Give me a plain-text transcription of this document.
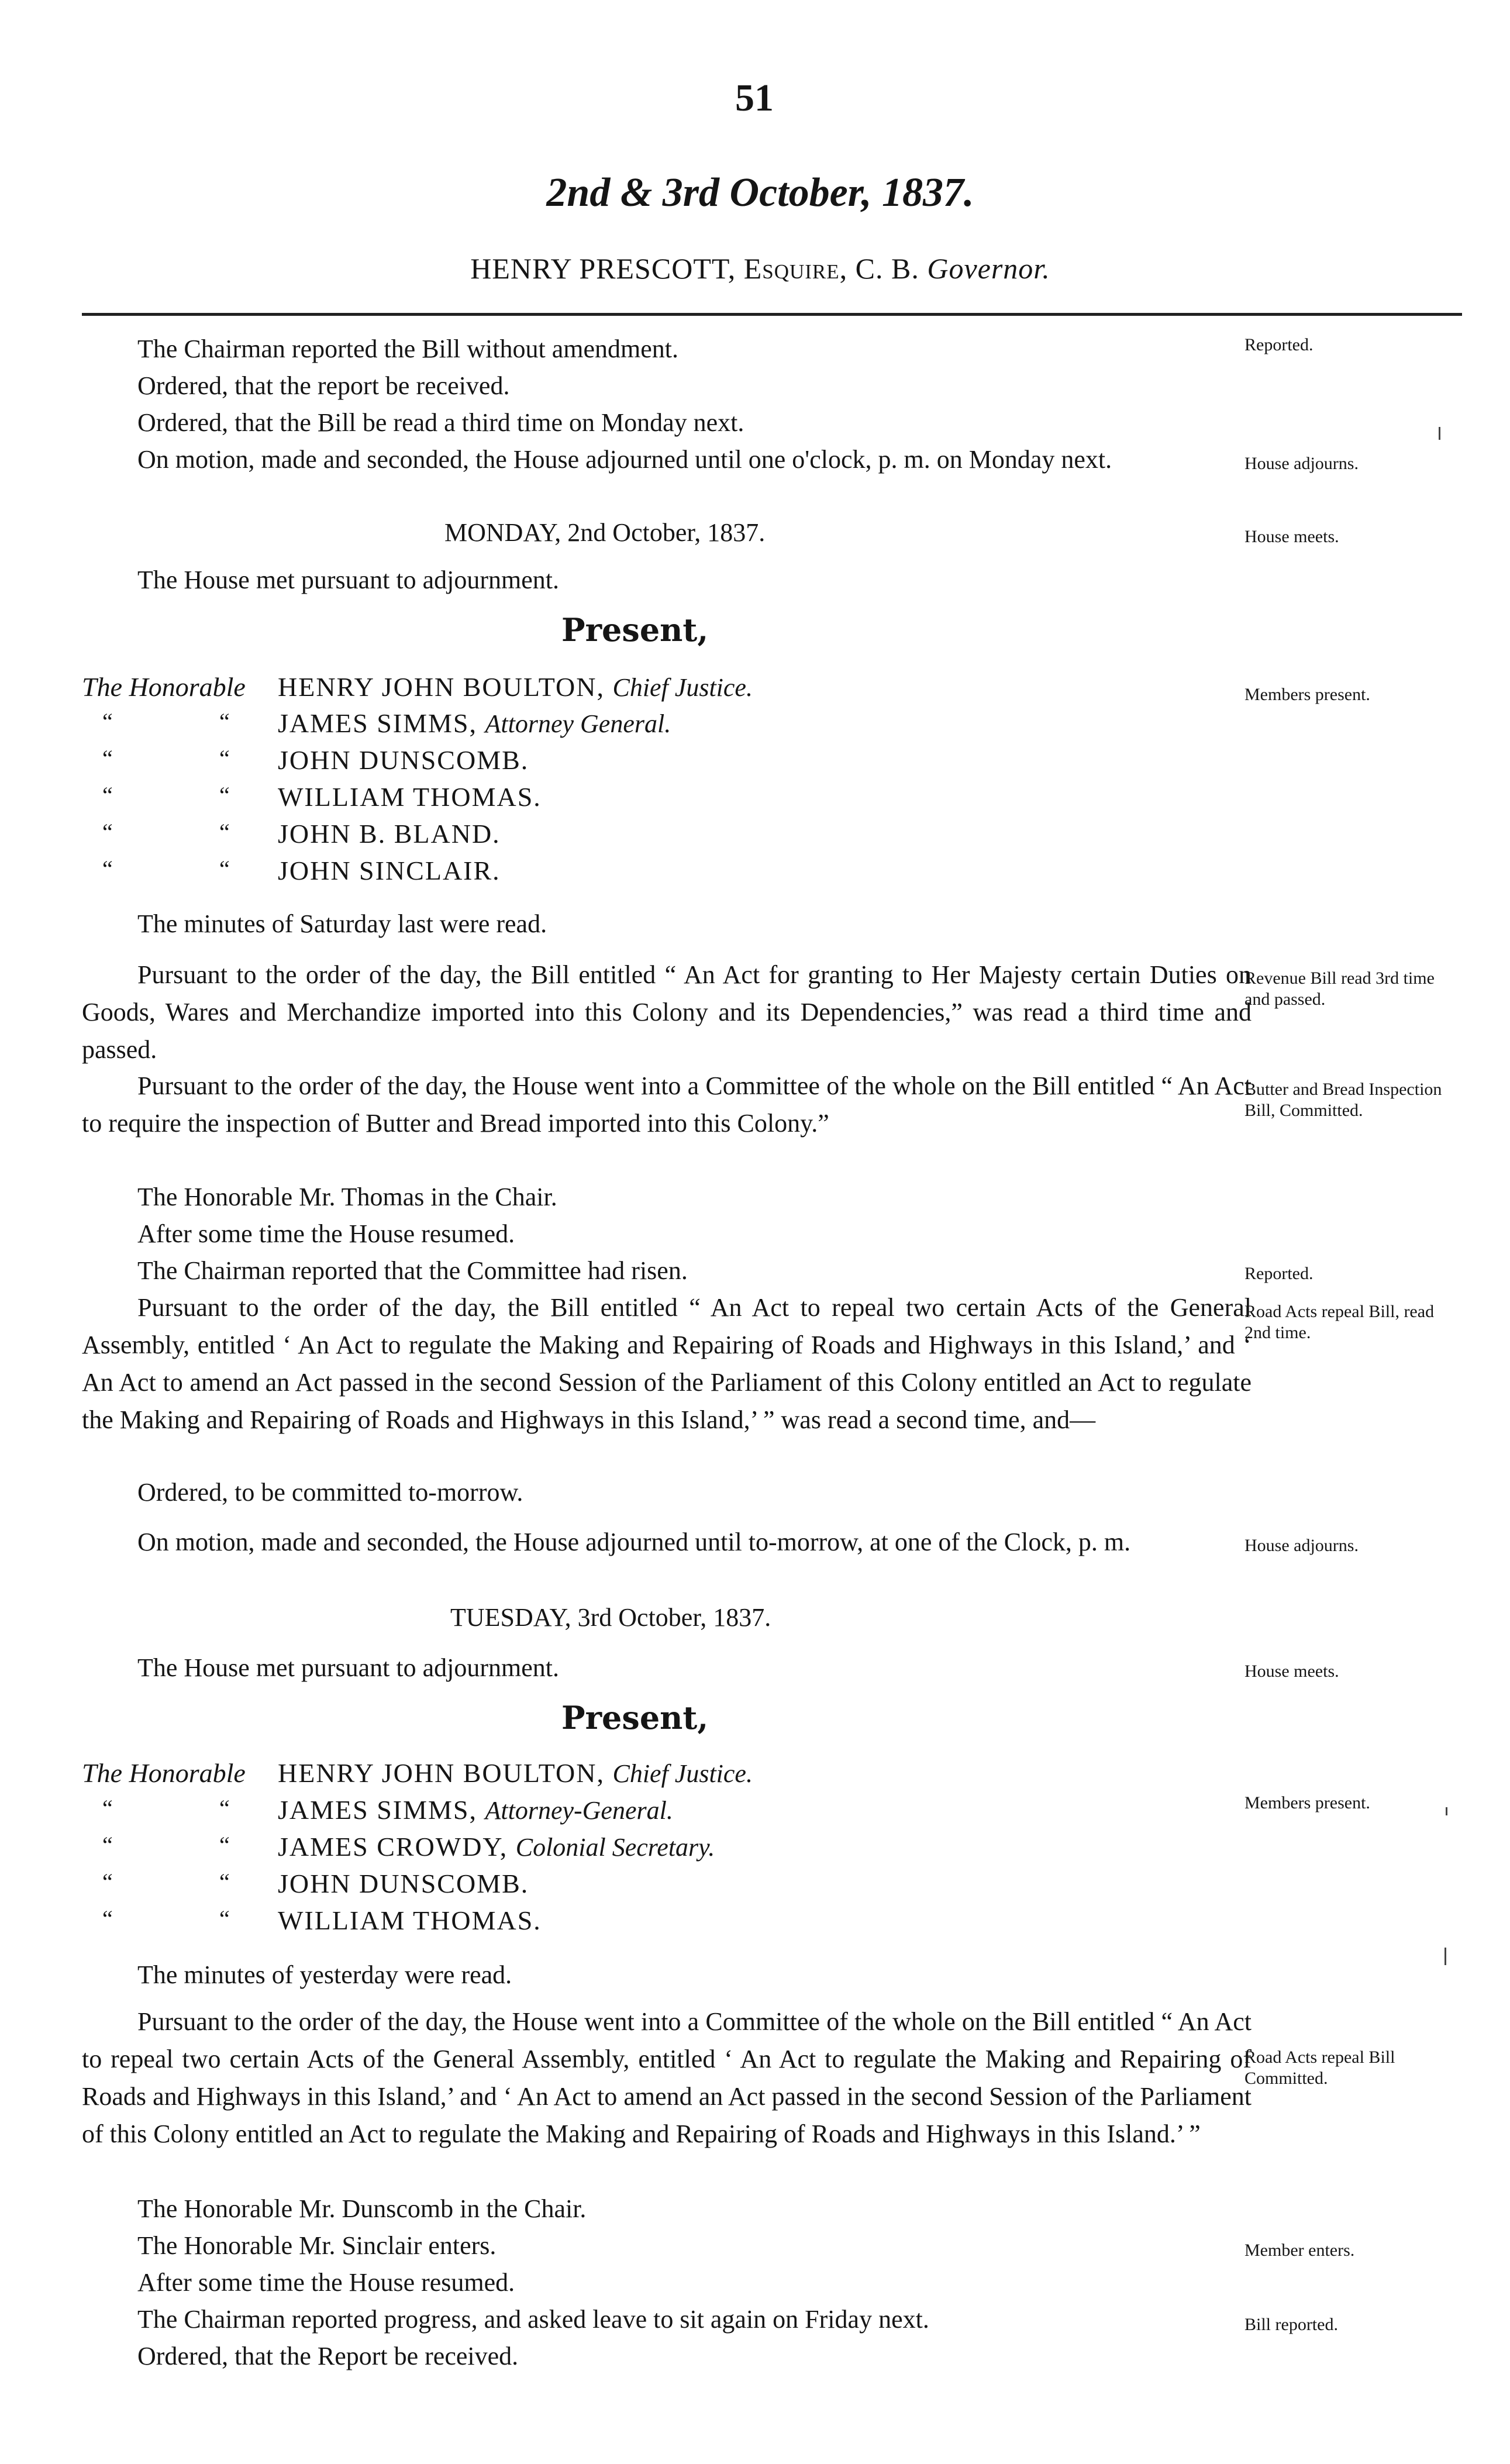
51
2nd & 3rd October, 1837.
HENRY PRESCOTT, Esquire, C. B. Governor.
The Chairman reported the Bill without amendment.
Ordered, that the report be received.
Ordered, that the Bill be read a third time on Monday next.
On motion, made and seconded, the House adjourned until one o'clock, p. m. on Monday next.
MONDAY, 2nd October, 1837.
The House met pursuant to adjournment.
Present,
The Honorable HENRY JOHN BOULTON, Chief Justice.
“	“ JAMES SIMMS, Attorney General.
“	“ JOHN DUNSCOMB.
“	“ WILLIAM THOMAS.
“	“ JOHN B. BLAND.
“	“ JOHN SINCLAIR.
The minutes of Saturday last were read.
Pursuant to the order of the day, the Bill entitled “ An Act for granting to Her Majesty certain Duties on Goods, Wares and Merchandize imported into this Colony and its Dependencies,” was read a third time and passed.
Pursuant to the order of the day, the House went into a Committee of the whole on the Bill entitled “ An Act to require the inspection of Butter and Bread imported into this Colony.”
The Honorable Mr. Thomas in the Chair.
After some time the House resumed.
The Chairman reported that the Committee had risen.
Pursuant to the order of the day, the Bill entitled “ An Act to repeal two certain Acts of the General Assembly, entitled ‘ An Act to regulate the Making and Repairing of Roads and Highways in this Island,’ and ‘ An Act to amend an Act passed in the second Session of the Parliament of this Colony entitled an Act to regulate the Making and Repairing of Roads and Highways in this Island,’ ” was read a second time, and—
Ordered, to be committed to-morrow.
On motion, made and seconded, the House adjourned until to-morrow, at one of the Clock, p. m.
TUESDAY, 3rd October, 1837.
The House met pursuant to adjournment.
Present,
The Honorable HENRY JOHN BOULTON, Chief Justice.
“	“ JAMES SIMMS, Attorney-General.
“	“ JAMES CROWDY, Colonial Secretary.
“	“ JOHN DUNSCOMB.
“	“ WILLIAM THOMAS.
The minutes of yesterday were read.
Pursuant to the order of the day, the House went into a Committee of the whole on the Bill entitled “ An Act to repeal two certain Acts of the General Assembly, entitled ‘ An Act to regulate the Making and Repairing of Roads and Highways in this Island,’ and ‘ An Act to amend an Act passed in the second Session of the Parliament of this Colony entitled an Act to regulate the Making and Repairing of Roads and Highways in this Island.’ ”
The Honorable Mr. Dunscomb in the Chair.
The Honorable Mr. Sinclair enters.
After some time the House resumed.
The Chairman reported progress, and asked leave to sit again on Friday next.
Ordered, that the Report be received.
Reported.
House adjourns.
House meets.
Members present.
Revenue Bill read 3rd time and passed.
Butter and Bread Inspection Bill, Committed.
Reported.
Road Acts repeal Bill, read 2nd time.
House adjourns.
House meets.
Members present.
Road Acts repeal Bill Committed.
Member enters.
Bill reported.
